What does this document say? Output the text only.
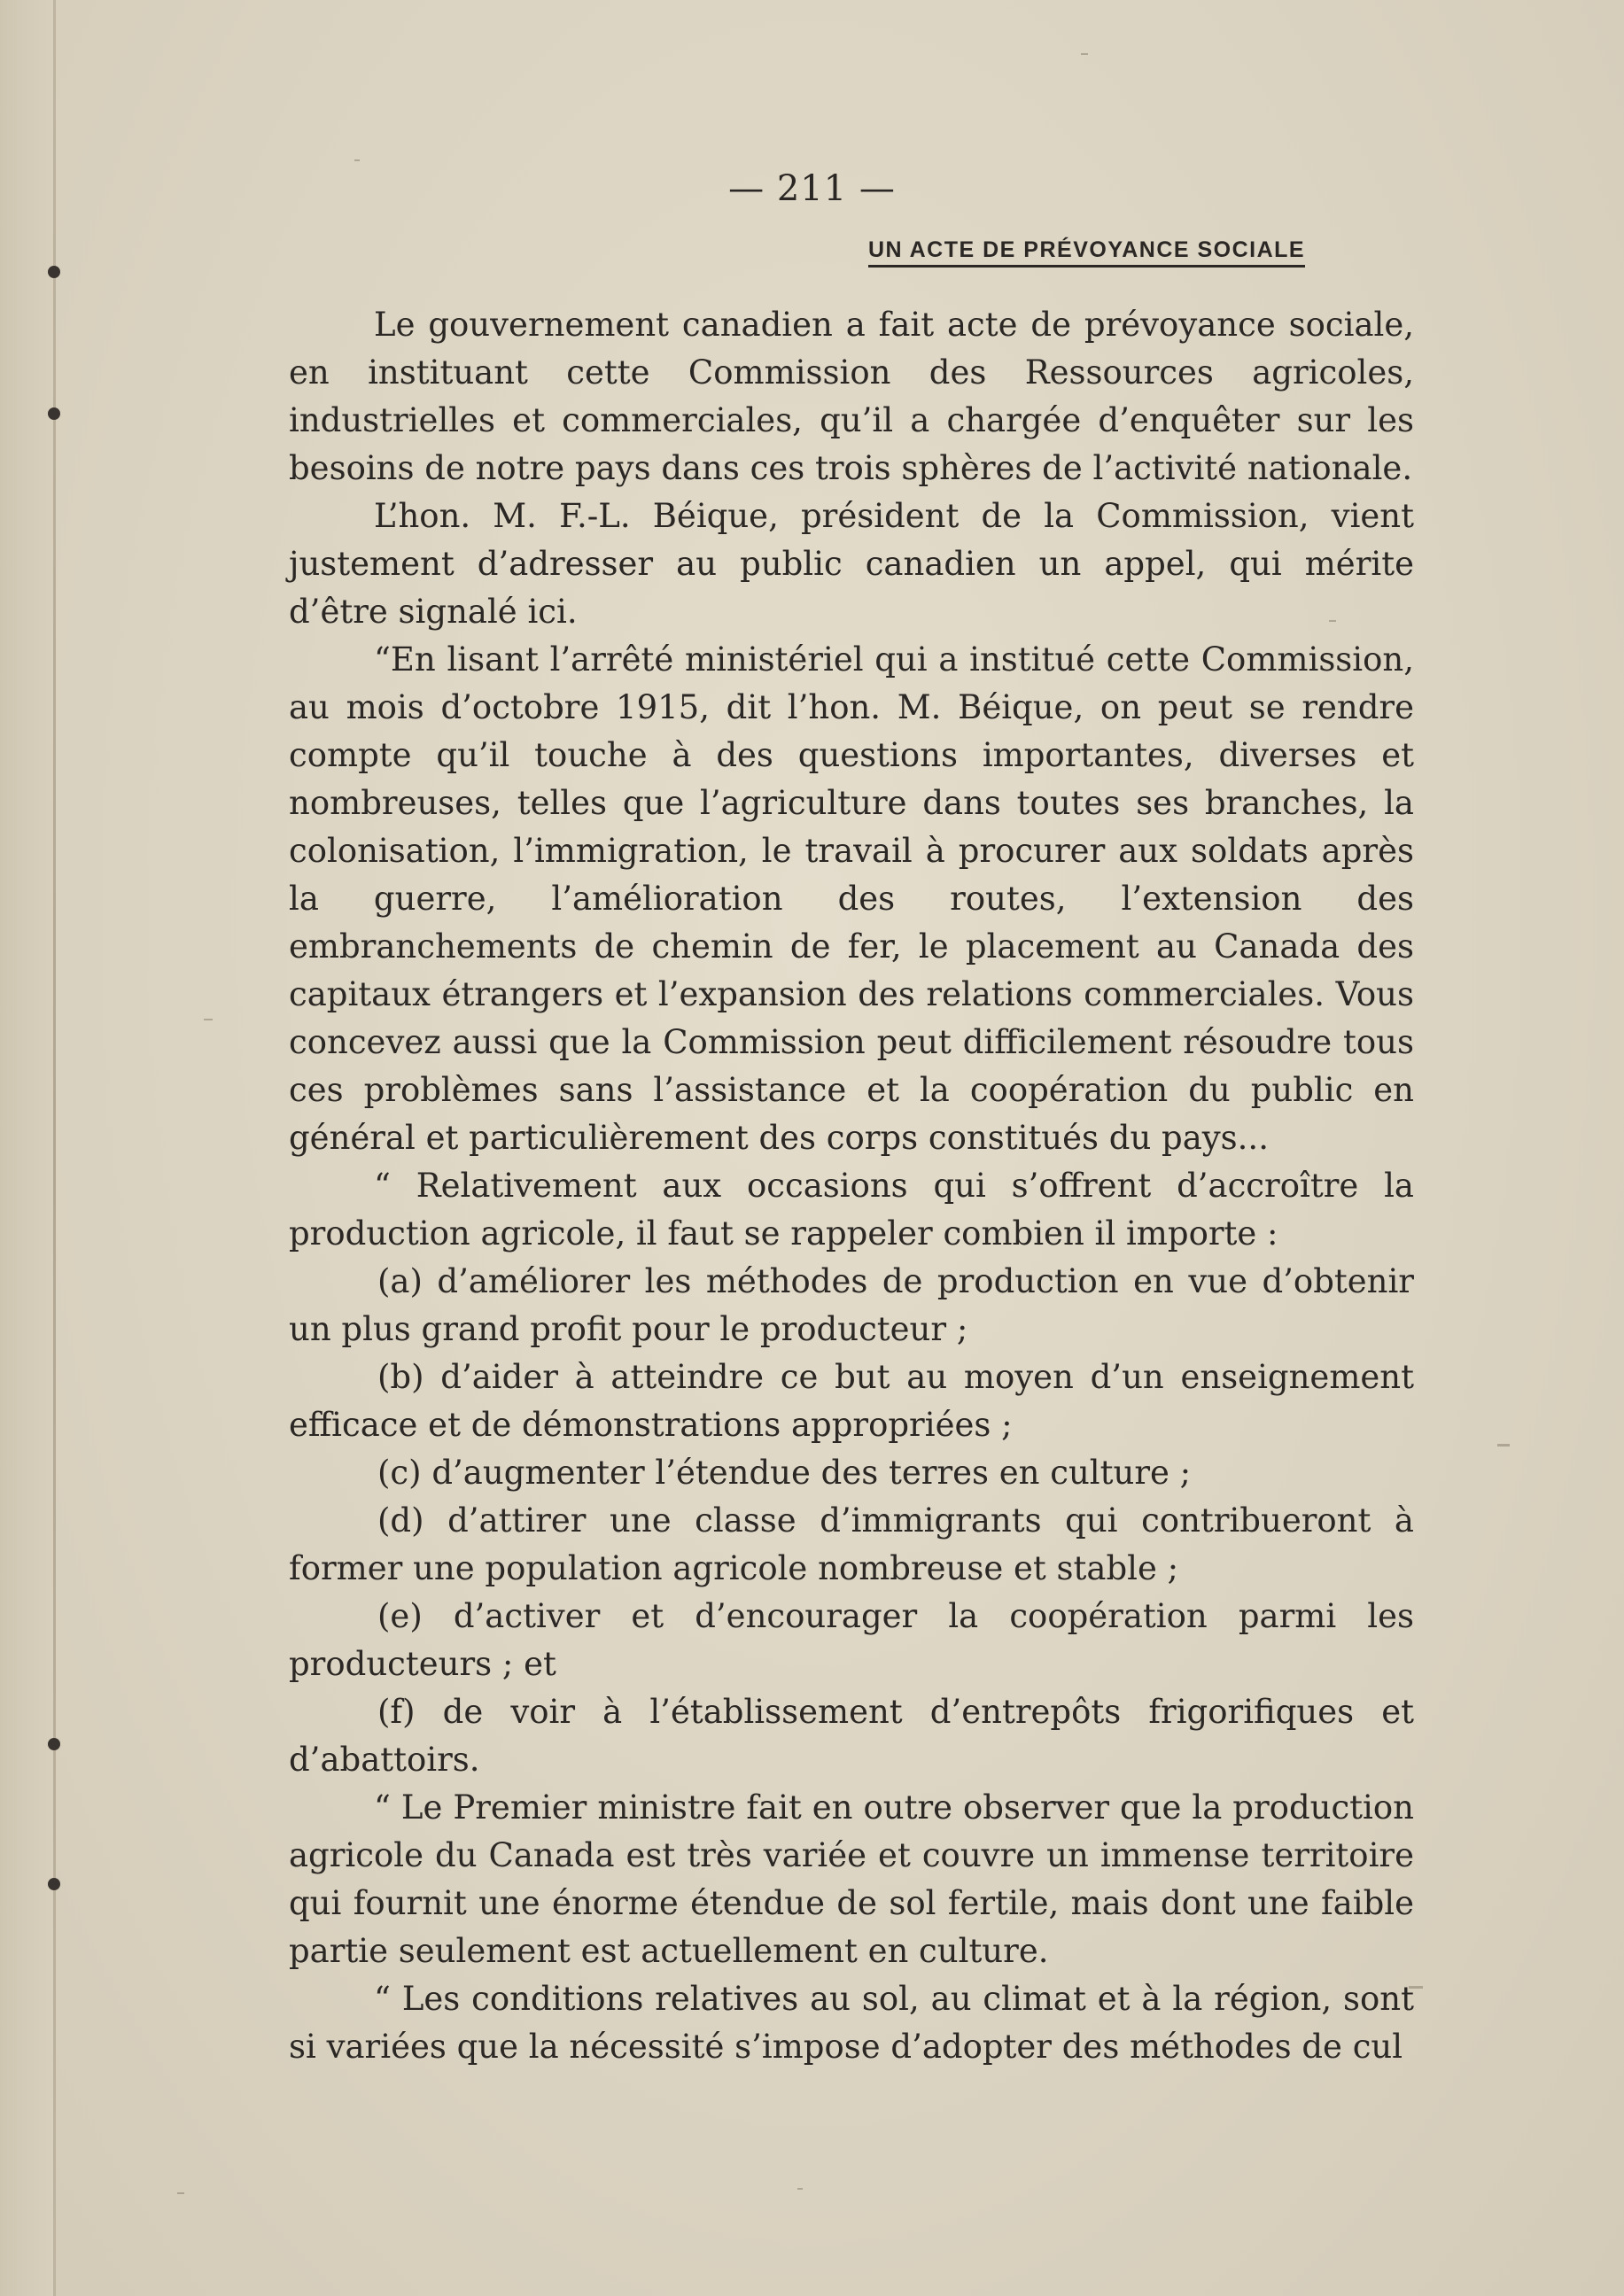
— 211 —
UN ACTE DE PRÉVOYANCE SOCIALE

Le gouvernement canadien a fait acte de prévoyance sociale, en instituant cette Commission des Ressources agricoles, industrielles et commerciales, qu’il a chargée d’enquêter sur les besoins de notre pays dans ces trois sphères de l’activité nationale.

L’hon. M. F.-L. Béique, président de la Commission, vient justement d’adresser au public canadien un appel, qui mérite d’être signalé ici.

“En lisant l’arrêté ministériel qui a institué cette Commission, au mois d’octobre 1915, dit l’hon. M. Béique, on peut se rendre compte qu’il touche à des questions importantes, diverses et nombreuses, telles que l’agriculture dans toutes ses branches, la colonisation, l’immigration, le travail à procurer aux soldats après la guerre, l’amélioration des routes, l’extension des embranchements de chemin de fer, le placement au Canada des capitaux étrangers et l’expansion des relations commerciales. Vous concevez aussi que la Commission peut difficilement résoudre tous ces problèmes sans l’assistance et la coopération du public en général et particulièrement des corps constitués du pays...

“ Relativement aux occasions qui s’offrent d’accroître la production agricole, il faut se rappeler combien il importe :

(a) d’améliorer les méthodes de production en vue d’obtenir un plus grand profit pour le producteur ;

(b) d’aider à atteindre ce but au moyen d’un enseignement efficace et de démonstrations appropriées ;

(c) d’augmenter l’étendue des terres en culture ;

(d) d’attirer une classe d’immigrants qui contribueront à former une population agricole nombreuse et stable ;

(e) d’activer et d’encourager la coopération parmi les producteurs ; et

(f) de voir à l’établissement d’entrepôts frigorifiques et d’abattoirs.

“ Le Premier ministre fait en outre observer que la production agricole du Canada est très variée et couvre un immense territoire qui fournit une énorme étendue de sol fertile, mais dont une faible partie seulement est actuellement en culture.

“ Les conditions relatives au sol, au climat et à la région, sont si variées que la nécessité s’impose d’adopter des méthodes de cul
